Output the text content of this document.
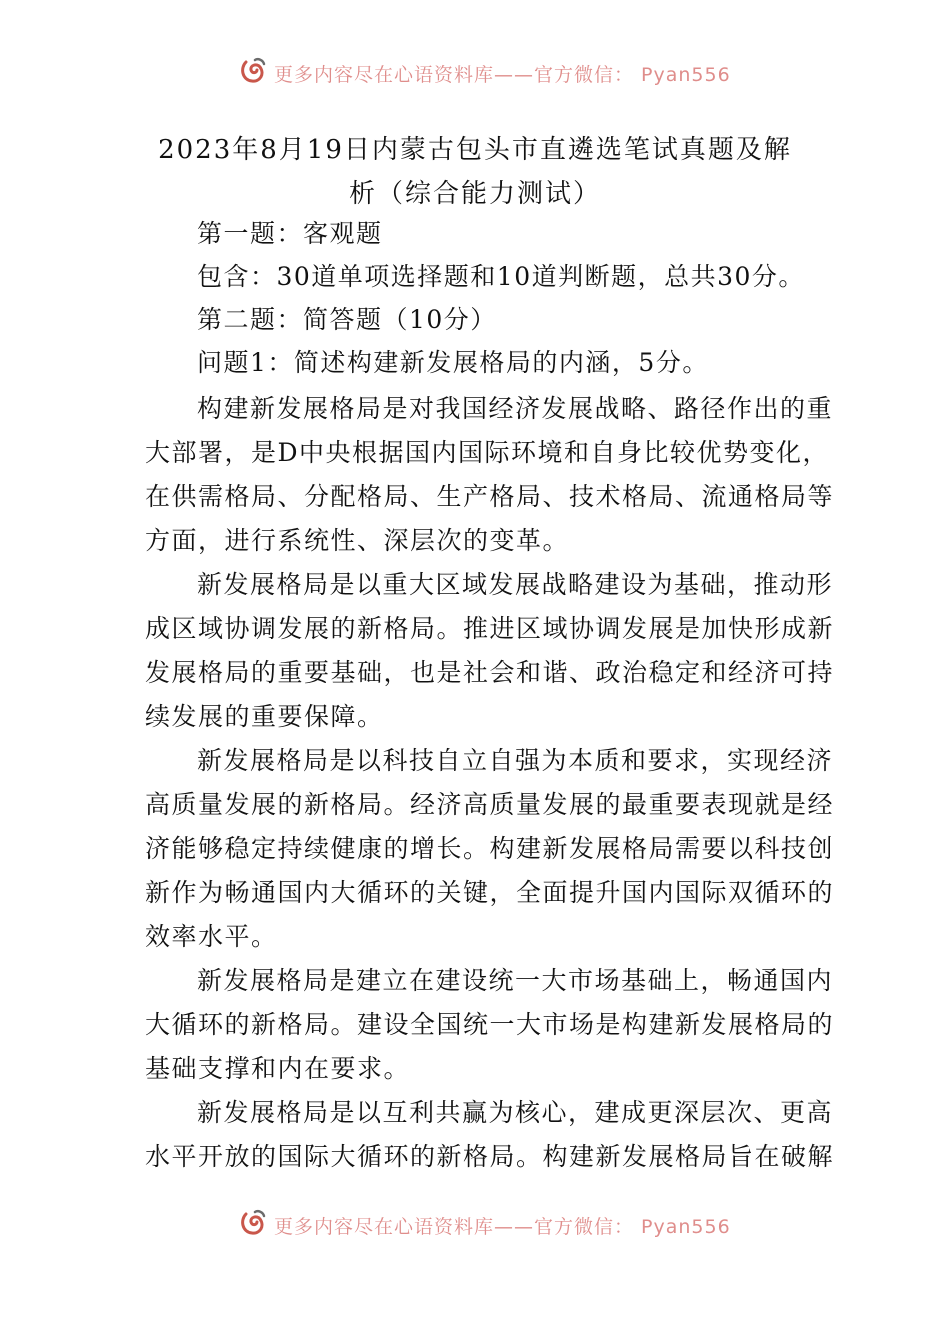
更多内容尽在心语资料库——官方微信： Pyan556
2023年8月19日内蒙古包头市直遴选笔试真题及解析（综合能力测试）

第一题：客观题

包含：30道单项选择题和10道判断题，总共30分。

第二题：简答题（10分）

问题1：简述构建新发展格局的内涵，5分。

构建新发展格局是对我国经济发展战略、路径作出的重

大部署，是D中央根据国内国际环境和自身比较优势变化，

在供需格局、分配格局、生产格局、技术格局、流通格局等

方面，进行系统性、深层次的变革。

新发展格局是以重大区域发展战略建设为基础，推动形

成区域协调发展的新格局。推进区域协调发展是加快形成新

发展格局的重要基础，也是社会和谐、政治稳定和经济可持

续发展的重要保障。

新发展格局是以科技自立自强为本质和要求，实现经济

高质量发展的新格局。经济高质量发展的最重要表现就是经

济能够稳定持续健康的增长。构建新发展格局需要以科技创

新作为畅通国内大循环的关键，全面提升国内国际双循环的

效率水平。

新发展格局是建立在建设统一大市场基础上，畅通国内

大循环的新格局。建设全国统一大市场是构建新发展格局的

基础支撑和内在要求。

新发展格局是以互利共赢为核心，建成更深层次、更高

水平开放的国际大循环的新格局。构建新发展格局旨在破解

更多内容尽在心语资料库——官方微信： Pyan556
